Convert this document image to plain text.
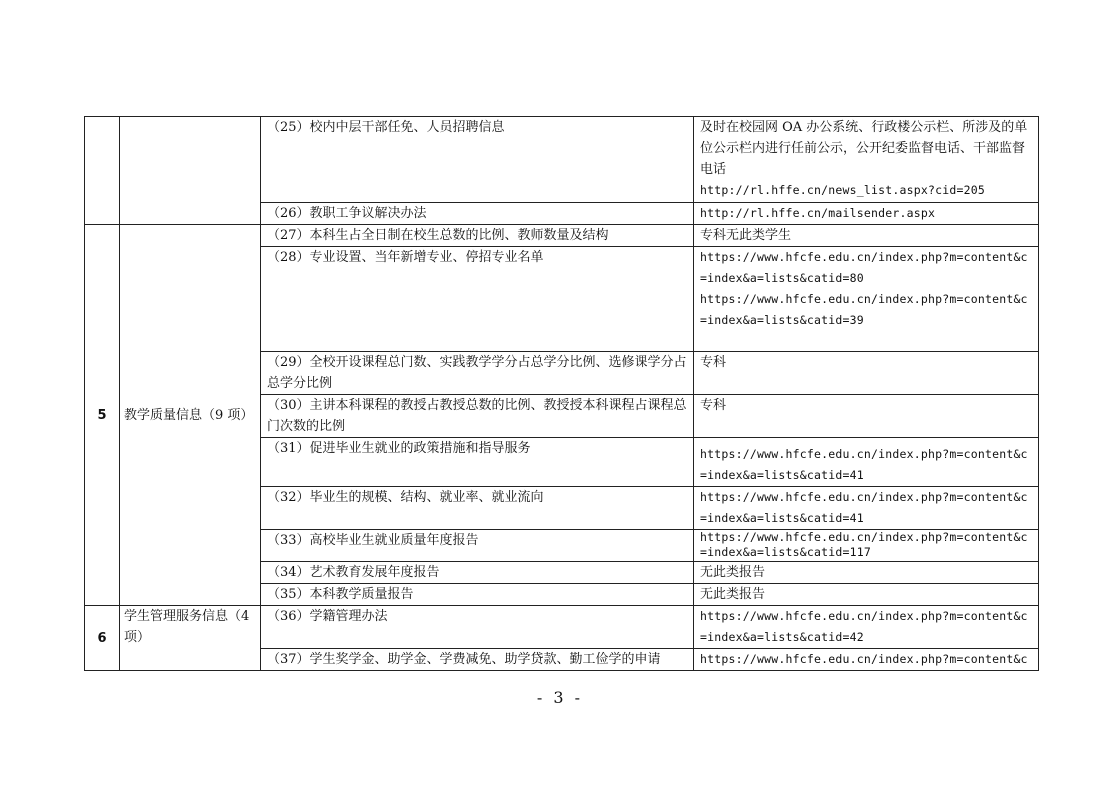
		（25）校内中层干部任免、人员招聘信息	及时在校园网 OA 办公系统、行政楼公示栏、所涉及的单位公示栏内进行任前公示，公开纪委监督电话、干部监督电话
http://rl.hffe.cn/news_list.aspx?cid=205

		（26）教职工争议解决办法	http://rl.hffe.cn/mailsender.aspx

5	教学质量信息（9 项）	（27）本科生占全日制在校生总数的比例、教师数量及结构	专科无此类学生

		（28）专业设置、当年新增专业、停招专业名单	https://www.hfcfe.edu.cn/index.php?m=content&c=index&a=lists&catid=80
https://www.hfcfe.edu.cn/index.php?m=content&c=index&a=lists&catid=39

		（29）全校开设课程总门数、实践教学学分占总学分比例、选修课学分占总学分比例	专科

		（30）主讲本科课程的教授占教授总数的比例、教授授本科课程占课程总门次数的比例	专科

		（31）促进毕业生就业的政策措施和指导服务	https://www.hfcfe.edu.cn/index.php?m=content&c=index&a=lists&catid=41

		（32）毕业生的规模、结构、就业率、就业流向	https://www.hfcfe.edu.cn/index.php?m=content&c=index&a=lists&catid=41

		（33）高校毕业生就业质量年度报告	https://www.hfcfe.edu.cn/index.php?m=content&c=index&a=lists&catid=117

		（34）艺术教育发展年度报告	无此类报告

		（35）本科教学质量报告	无此类报告

6	学生管理服务信息（4 项）	（36）学籍管理办法	https://www.hfcfe.edu.cn/index.php?m=content&c=index&a=lists&catid=42

		（37）学生奖学金、助学金、学费减免、助学贷款、勤工俭学的申请	https://www.hfcfe.edu.cn/index.php?m=content&c
- 3 -
